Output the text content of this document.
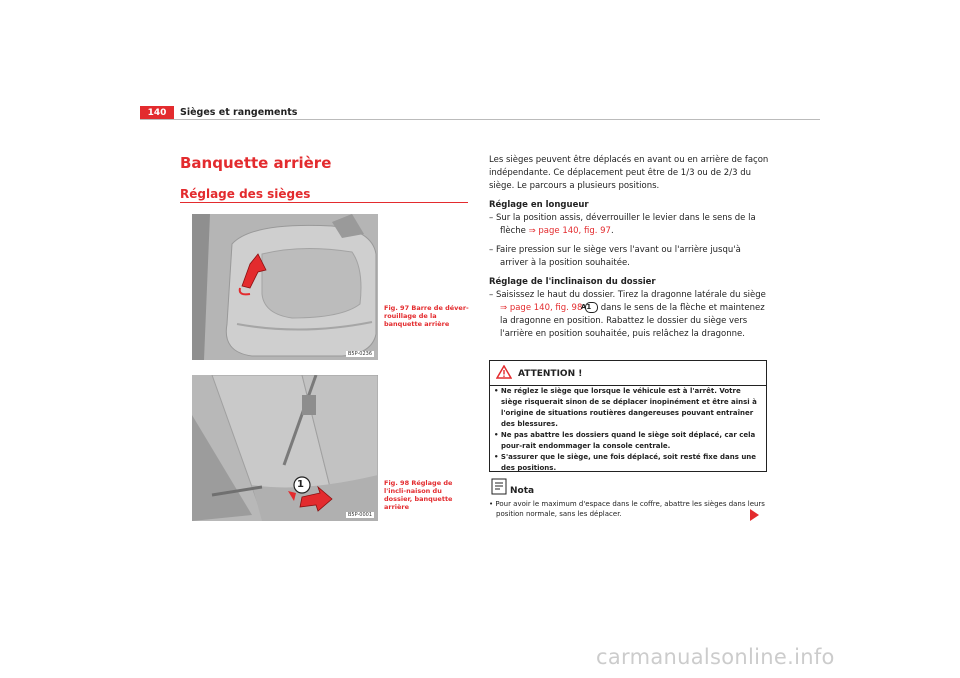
140	Sièges et rangements
Banquette arrière
Réglage des sièges
B5P-0236
Fig. 97 Barre de déver-rouillage de la banquette arrière
1
B5P-0001
Fig. 98 Réglage de l'incli-naison du dossier, banquette arrière

Les sièges peuvent être déplacés en avant ou en arrière de façon indépendante. Ce déplacement peut être de 1/3 ou de 2/3 du siège. Le parcours a plusieurs positions.

Réglage en longueur

– Sur la position assis, déverrouiller le levier dans le sens de la flèche ⇒ page 140, fig. 97.

– Faire pression sur le siège vers l'avant ou l'arrière jusqu'à arriver à la position souhaitée.

Réglage de l'inclinaison du dossier

– Saisissez le haut du dossier. Tirez la dragonne latérale du siège ⇒ page 140, fig. 98 A1 dans le sens de la flèche et maintenez la dragonne en position. Rabattez le dossier du siège vers l'arrière en position souhaitée, puis relâchez la dragonne.

ATTENTION !
• Ne réglez le siège que lorsque le véhicule est à l'arrêt. Votre siège risquerait sinon de se déplacer inopinément et être ainsi à l'origine de situations routières dangereuses pouvant entraîner des blessures.
• Ne pas abattre les dossiers quand le siège soit déplacé, car cela pour-rait endommager la console centrale.
• S'assurer que le siège, une fois déplacé, soit resté fixe dans une des positions.
Nota
• Pour avoir le maximum d'espace dans le coffre, abattre les sièges dans leurs position normale, sans les déplacer.
carmanualsonline.info
